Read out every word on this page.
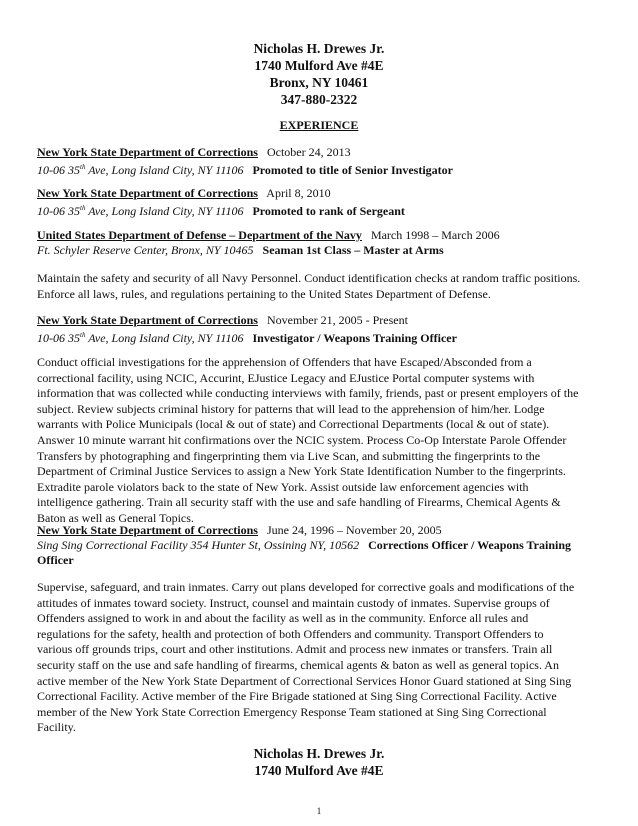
Nicholas H. Drewes Jr.
1740 Mulford Ave #4E
Bronx, NY 10461
347-880-2322
EXPERIENCE
New York State Department of Corrections October 24, 2013
10-06 35th Ave, Long Island City, NY 11106 Promoted to title of Senior Investigator
New York State Department of Corrections April 8, 2010
10-06 35th Ave, Long Island City, NY 11106 Promoted to rank of Sergeant
United States Department of Defense – Department of the Navy March 1998 – March 2006
Ft. Schyler Reserve Center, Bronx, NY 10465 Seaman 1st Class – Master at Arms
Maintain the safety and security of all Navy Personnel. Conduct identification checks at random traffic positions.
Enforce all laws, rules, and regulations pertaining to the United States Department of Defense.
New York State Department of Corrections November 21, 2005 - Present
10-06 35th Ave, Long Island City, NY 11106 Investigator / Weapons Training Officer
Conduct official investigations for the apprehension of Offenders that have Escaped/Absconded from a
correctional facility, using NCIC, Accurint, EJustice Legacy and EJustice Portal computer systems with
information that was collected while conducting interviews with family, friends, past or present employers of the
subject. Review subjects criminal history for patterns that will lead to the apprehension of him/her. Lodge
warrants with Police Municipals (local & out of state) and Correctional Departments (local & out of state).
Answer 10 minute warrant hit confirmations over the NCIC system. Process Co-Op Interstate Parole Offender
Transfers by photographing and fingerprinting them via Live Scan, and submitting the fingerprints to the
Department of Criminal Justice Services to assign a New York State Identification Number to the fingerprints.
Extradite parole violators back to the state of New York. Assist outside law enforcement agencies with
intelligence gathering. Train all security staff with the use and safe handling of Firearms, Chemical Agents &
Baton as well as General Topics.
New York State Department of Corrections June 24, 1996 – November 20, 2005
Sing Sing Correctional Facility 354 Hunter St, Ossining NY, 10562 Corrections Officer / Weapons Training
Officer
Supervise, safeguard, and train inmates. Carry out plans developed for corrective goals and modifications of the
attitudes of inmates toward society. Instruct, counsel and maintain custody of inmates. Supervise groups of
Offenders assigned to work in and about the facility as well as in the community. Enforce all rules and
regulations for the safety, health and protection of both Offenders and community. Transport Offenders to
various off grounds trips, court and other institutions. Admit and process new inmates or transfers. Train all
security staff on the use and safe handling of firearms, chemical agents & baton as well as general topics. An
active member of the New York State Department of Correctional Services Honor Guard stationed at Sing Sing
Correctional Facility. Active member of the Fire Brigade stationed at Sing Sing Correctional Facility. Active
member of the New York State Correction Emergency Response Team stationed at Sing Sing Correctional
Facility.
Nicholas H. Drewes Jr.
1740 Mulford Ave #4E
1
